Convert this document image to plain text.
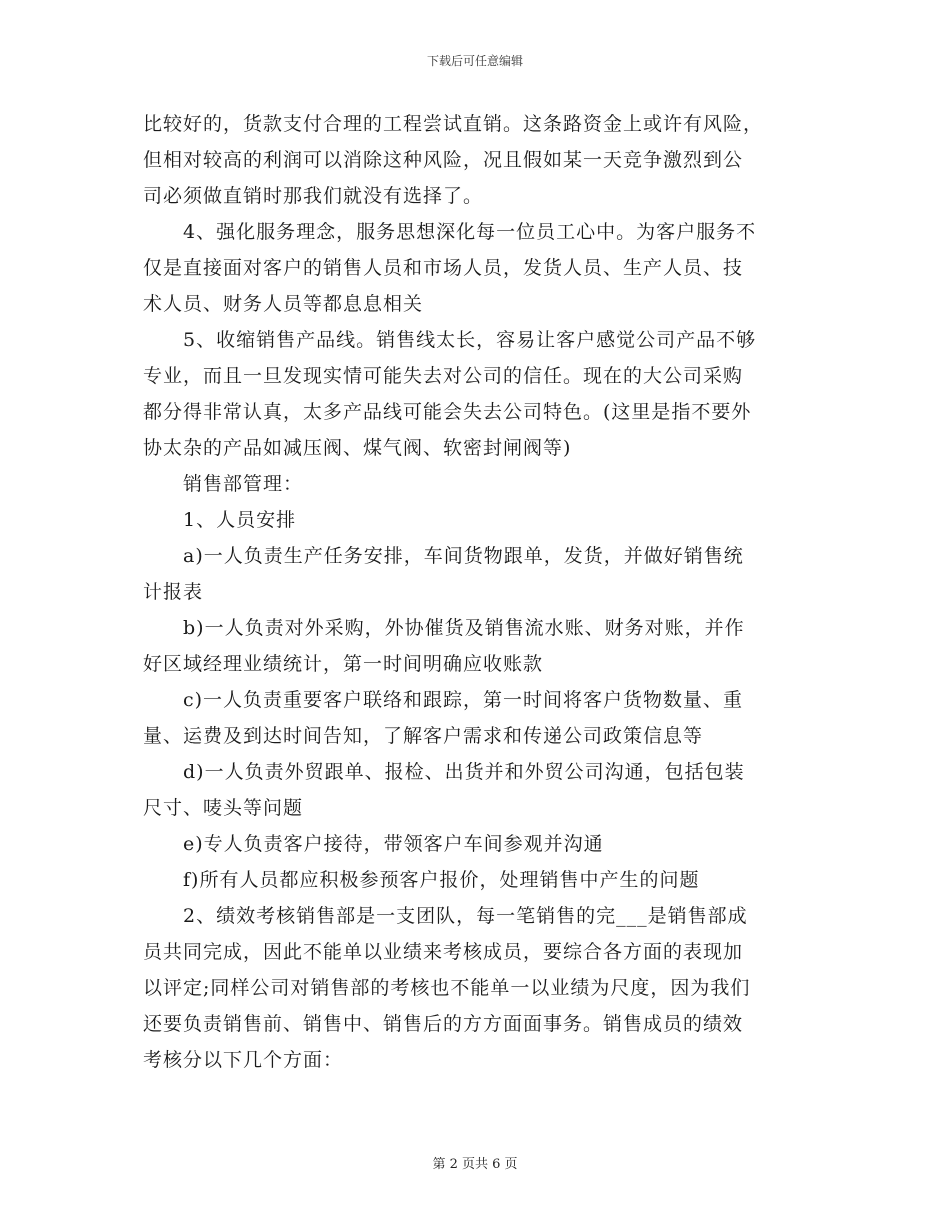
下载后可任意编辑

比较好的，货款支付合理的工程尝试直销。这条路资金上或许有风险，

但相对较高的利润可以消除这种风险，况且假如某一天竞争激烈到公

司必须做直销时那我们就没有选择了。

4、强化服务理念，服务思想深化每一位员工心中。为客户服务不

仅是直接面对客户的销售人员和市场人员，发货人员、生产人员、技

术人员、财务人员等都息息相关

5、收缩销售产品线。销售线太长，容易让客户感觉公司产品不够

专业，而且一旦发现实情可能失去对公司的信任。现在的大公司采购

都分得非常认真，太多产品线可能会失去公司特色。(这里是指不要外

协太杂的产品如减压阀、煤气阀、软密封闸阀等)

销售部管理：

1、人员安排

a)一人负责生产任务安排，车间货物跟单，发货，并做好销售统

计报表

b)一人负责对外采购，外协催货及销售流水账、财务对账，并作

好区域经理业绩统计，第一时间明确应收账款

c)一人负责重要客户联络和跟踪，第一时间将客户货物数量、重

量、运费及到达时间告知，了解客户需求和传递公司政策信息等

d)一人负责外贸跟单、报检、出货并和外贸公司沟通，包括包装

尺寸、唛头等问题

e)专人负责客户接待，带领客户车间参观并沟通

f)所有人员都应积极参预客户报价，处理销售中产生的问题

2、绩效考核销售部是一支团队，每一笔销售的完___是销售部成

员共同完成，因此不能单以业绩来考核成员，要综合各方面的表现加

以评定;同样公司对销售部的考核也不能单一以业绩为尺度，因为我们

还要负责销售前、销售中、销售后的方方面面事务。销售成员的绩效

考核分以下几个方面：

第 2 页共 6 页
